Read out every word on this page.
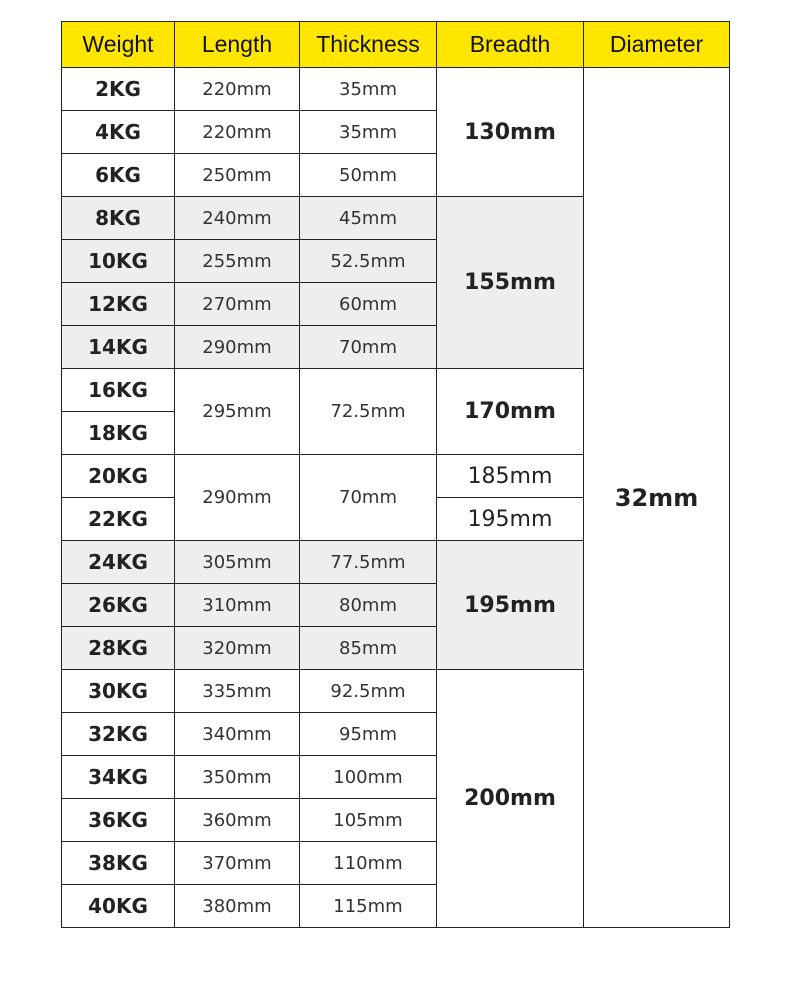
Weight	Length	Thickness	Breadth	Diameter
2KG	220mm	35mm	130mm	32mm
4KG	220mm	35mm		
6KG	250mm	50mm		
8KG	240mm	45mm	155mm	
10KG	255mm	52.5mm		
12KG	270mm	60mm		
14KG	290mm	70mm		
16KG	295mm	72.5mm	170mm	
18KG				
20KG	290mm	70mm	185mm	
22KG			195mm	
24KG	305mm	77.5mm	195mm	
26KG	310mm	80mm		
28KG	320mm	85mm		
30KG	335mm	92.5mm	200mm	
32KG	340mm	95mm		
34KG	350mm	100mm		
36KG	360mm	105mm		
38KG	370mm	110mm		
40KG	380mm	115mm		
